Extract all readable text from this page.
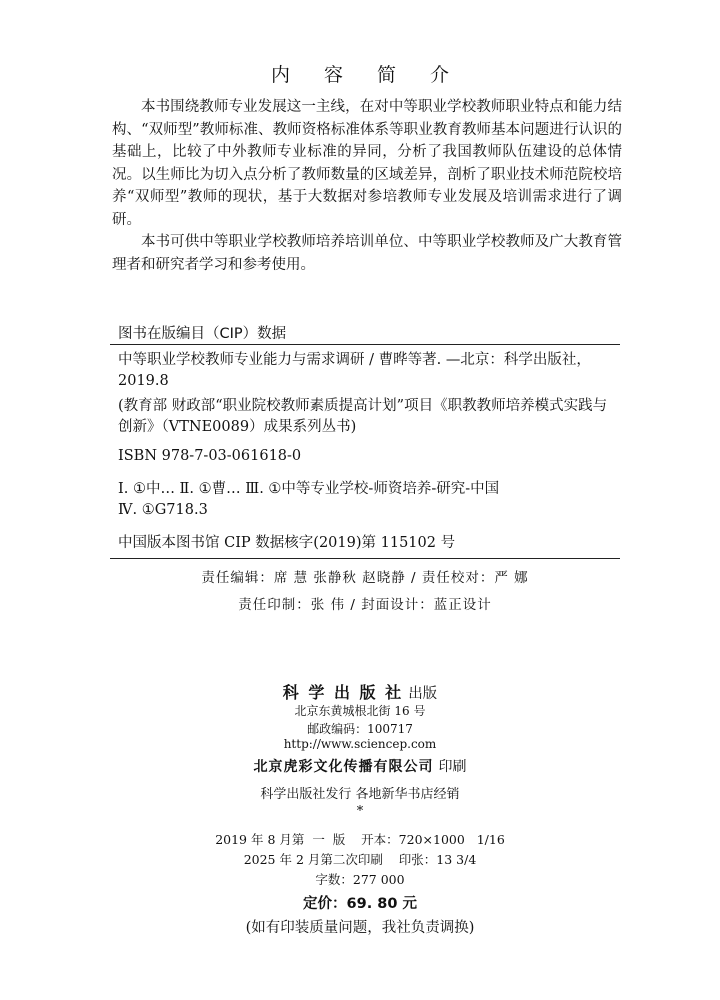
内 容 简 介

本书围绕教师专业发展这一主线，在对中等职业学校教师职业特点和能力结构、“双师型”教师标准、教师资格标准体系等职业教育教师基本问题进行认识的基础上，比较了中外教师专业标准的异同，分析了我国教师队伍建设的总体情况。以生师比为切入点分析了教师数量的区域差异，剖析了职业技术师范院校培养“双师型”教师的现状，基于大数据对参培教师专业发展及培训需求进行了调研。

本书可供中等职业学校教师培养培训单位、中等职业学校教师及广大教育管理者和研究者学习和参考使用。

图书在版编目（CIP）数据

中等职业学校教师专业能力与需求调研 / 曹晔等著. —北京：科学出版社，2019.8

(教育部 财政部“职业院校教师素质提高计划”项目《职教教师培养模式实践与创新》（VTNE0089）成果系列丛书)

ISBN 978-7-03-061618-0

Ⅰ. ①中… Ⅱ. ①曹… Ⅲ. ①中等专业学校-师资培养-研究-中国

Ⅳ. ①G718.3

中国版本图书馆 CIP 数据核字(2019)第 115102 号

责任编辑：席 慧 张静秋 赵晓静 / 责任校对：严 娜
责任印制：张 伟 / 封面设计：蓝正设计
科 学 出 版 社 出版
北京东黄城根北街 16 号
邮政编码：100717
http://www.sciencep.com
北京虎彩文化传播有限公司 印刷
科学出版社发行 各地新华书店经销
*
2019 年 8 月第  一  版    开本：720×1000   1/16
2025 年 2 月第二次印刷    印张：13 3/4
字数：277 000
定价：69. 80 元
(如有印装质量问题，我社负责调换)
